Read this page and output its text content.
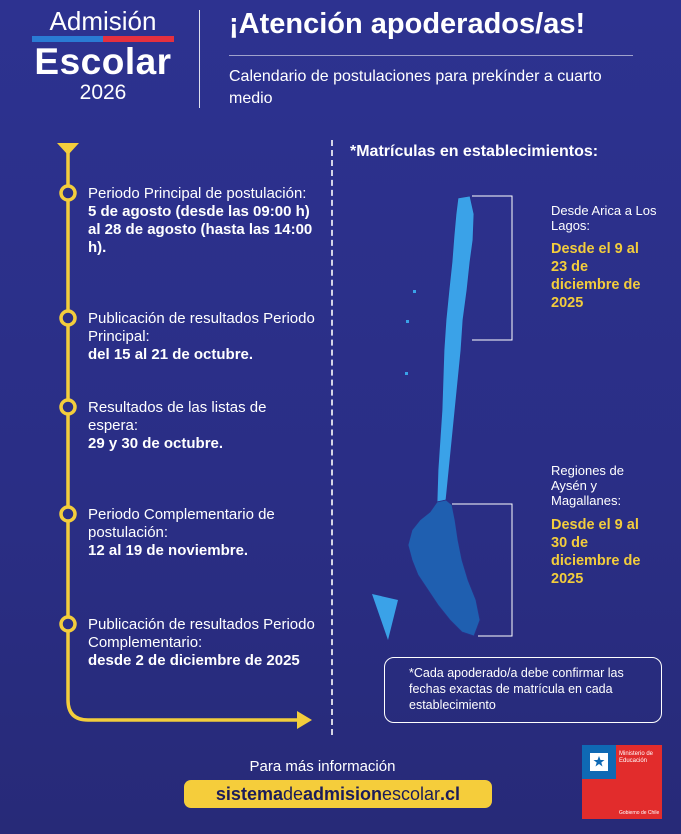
Admisión
Escolar
2026
¡Atención apoderados/as!
Calendario de postulaciones para prekínder a cuarto medio
Periodo Principal de postulación:
5 de agosto (desde las 09:00 h) al 28 de agosto (hasta las 14:00 h).
Publicación de resultados Periodo Principal:
del 15 al 21 de octubre.
Resultados de las listas de espera:
29 y 30 de octubre.
Periodo Complementario de postulación:
12 al 19 de noviembre.
Publicación de resultados Periodo Complementario:
desde 2 de diciembre de 2025
*Matrículas en establecimientos:
Desde Arica a Los Lagos:
Desde el 9 al 23 de diciembre de 2025
Regiones de Aysén y Magallanes:
Desde el 9 al 30 de diciembre de 2025
*Cada apoderado/a debe confirmar las fechas exactas de matrícula en cada establecimiento
Para más información
sistemadeadmisionescolar.cl
Ministerio de
Educación
Gobierno de Chile
